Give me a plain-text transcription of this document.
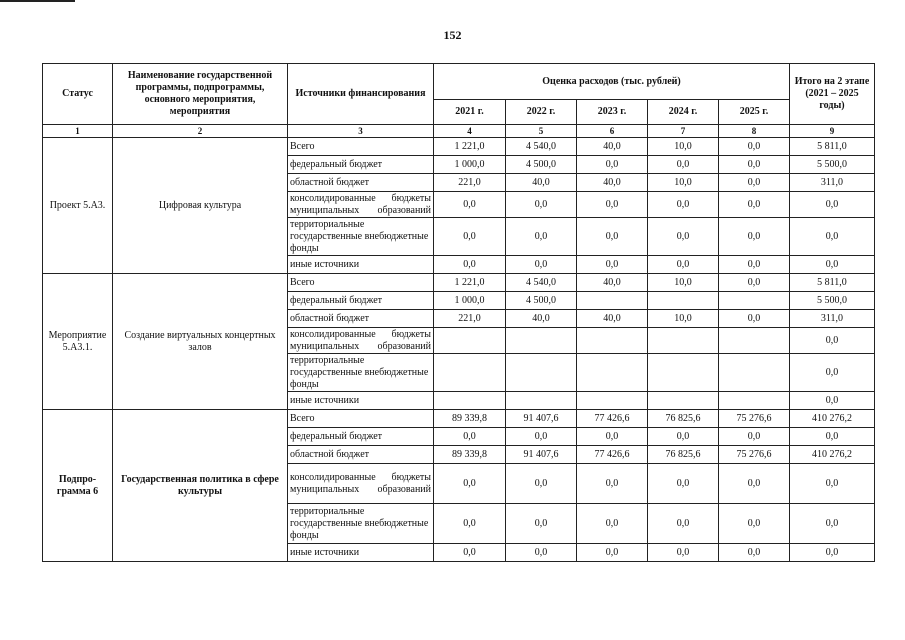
152
Статус	Наименование государственной программы, подпрограммы, основного мероприятия, мероприятия	Источники финансирования	Оценка расходов (тыс. рублей)					Итого на 2 этапе (2021 – 2025 годы)
			2021 г.	2022 г.	2023 г.	2024 г.	2025 г.	
1	2	3	4	5	6	7	8	9
Проект 5.А3.	Цифровая культура	Всего	1 221,0	4 540,0	40,0	10,0	0,0	5 811,0
		федеральный бюджет	1 000,0	4 500,0	0,0	0,0	0,0	5 500,0
		областной бюджет	221,0	40,0	40,0	10,0	0,0	311,0
		консолидированные бюджеты муниципальных образований	0,0	0,0	0,0	0,0	0,0	0,0
		территориальные государственные внебюджетные фонды	0,0	0,0	0,0	0,0	0,0	0,0
		иные источники	0,0	0,0	0,0	0,0	0,0	0,0
Мероприятие 5.А3.1.	Создание виртуальных концертных залов	Всего	1 221,0	4 540,0	40,0	10,0	0,0	5 811,0
		федеральный бюджет	1 000,0	4 500,0				5 500,0
		областной бюджет	221,0	40,0	40,0	10,0	0,0	311,0
		консолидированные бюджеты муниципальных образований						0,0
		территориальные государственные внебюджетные фонды						0,0
		иные источники						0,0
Подпро-грамма 6	Государственная политика в сфере культуры	Всего	89 339,8	91 407,6	77 426,6	76 825,6	75 276,6	410 276,2
		федеральный бюджет	0,0	0,0	0,0	0,0	0,0	0,0
		областной бюджет	89 339,8	91 407,6	77 426,6	76 825,6	75 276,6	410 276,2
		консолидированные бюджеты муниципальных образований	0,0	0,0	0,0	0,0	0,0	0,0
		территориальные государственные внебюджетные фонды	0,0	0,0	0,0	0,0	0,0	0,0
		иные источники	0,0	0,0	0,0	0,0	0,0	0,0
